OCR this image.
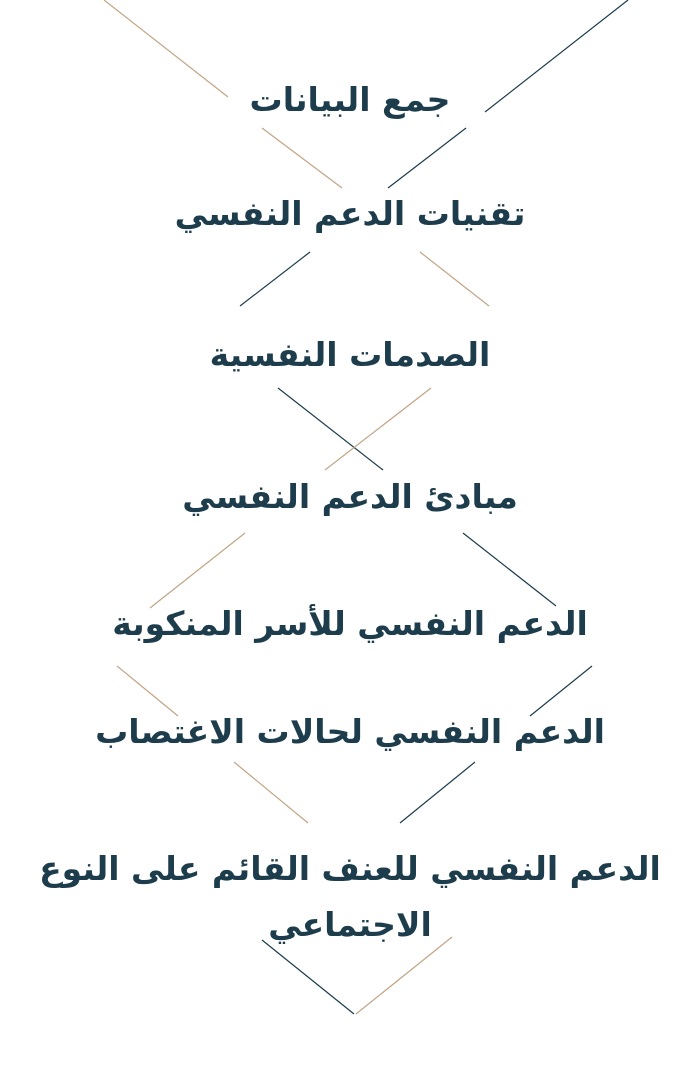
جمع البيانات
تقنيات الدعم النفسي
الصدمات النفسية
مبادئ الدعم النفسي
الدعم النفسي للأسر المنكوبة
الدعم النفسي لحالات الاغتصاب
الدعم النفسي للعنف القائم على النوع الاجتماعي
